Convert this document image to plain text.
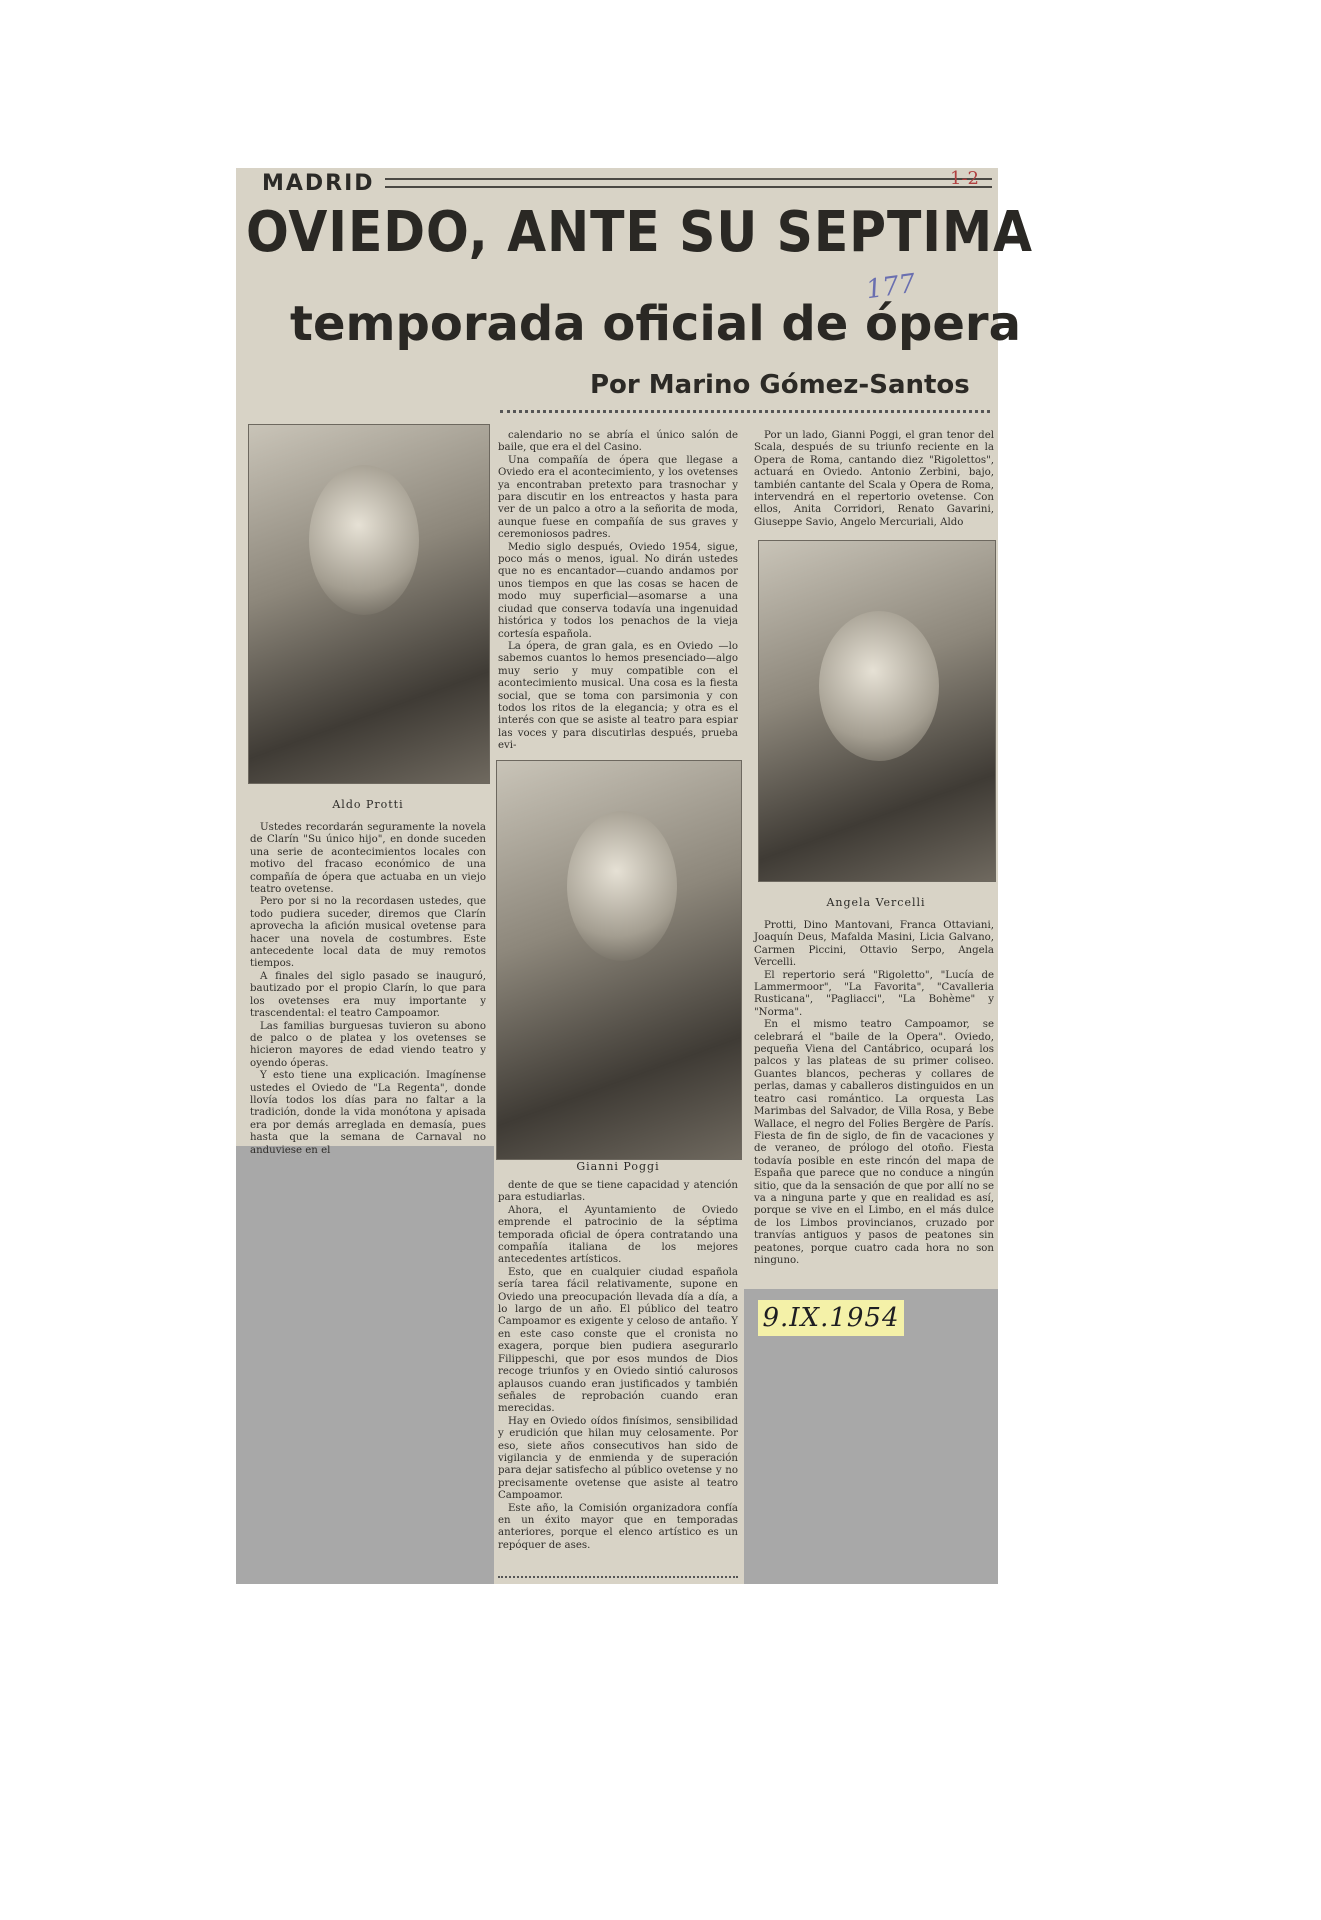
MADRID	1-2
OVIEDO, ANTE SU SEPTIMA
177
temporada oficial de ópera
Por Marino Gómez-Santos
Aldo Protti

Ustedes recordarán seguramente la novela de Clarín "Su único hijo", en donde suceden una serie de acontecimientos locales con motivo del fracaso económico de una compañía de ópera que actuaba en un viejo teatro ovetense.

Pero por si no la recordasen ustedes, que todo pudiera suceder, diremos que Clarín aprovecha la afición musical ovetense para hacer una novela de costumbres. Este antecedente local data de muy remotos tiempos.

A finales del siglo pasado se inauguró, bautizado por el propio Clarín, lo que para los ovetenses era muy importante y trascendental: el teatro Campoamor.

Las familias burguesas tuvieron su abono de palco o de platea y los ovetenses se hicieron mayores de edad viendo teatro y oyendo óperas.

Y esto tiene una explicación. Imagínense ustedes el Oviedo de "La Regenta", donde llovía todos los días para no faltar a la tradición, donde la vida monótona y apisada era por demás arreglada en demasía, pues hasta que la semana de Carnaval no anduviese en el

calendario no se abría el único salón de baile, que era el del Casino.

Una compañía de ópera que llegase a Oviedo era el acontecimiento, y los ovetenses ya encontraban pretexto para trasnochar y para discutir en los entreactos y hasta para ver de un palco a otro a la señorita de moda, aunque fuese en compañía de sus graves y ceremoniosos padres.

Medio siglo después, Oviedo 1954, sigue, poco más o menos, igual. No dirán ustedes que no es encantador—cuando andamos por unos tiempos en que las cosas se hacen de modo muy superficial—asomarse a una ciudad que conserva todavía una ingenuidad histórica y todos los penachos de la vieja cortesía española.

La ópera, de gran gala, es en Oviedo —lo sabemos cuantos lo hemos presenciado—algo muy serio y muy compatible con el acontecimiento musical. Una cosa es la fiesta social, que se toma con parsimonia y con todos los ritos de la elegancia; y otra es el interés con que se asiste al teatro para espiar las voces y para discutirlas después, prueba evi-

Gianni Poggi

dente de que se tiene capacidad y atención para estudiarlas.

Ahora, el Ayuntamiento de Oviedo emprende el patrocinio de la séptima temporada oficial de ópera contratando una compañía italiana de los mejores antecedentes artísticos.

Esto, que en cualquier ciudad española sería tarea fácil relativamente, supone en Oviedo una preocupación llevada día a día, a lo largo de un año. El público del teatro Campoamor es exigente y celoso de antaño. Y en este caso conste que el cronista no exagera, porque bien pudiera asegurarlo Filippeschi, que por esos mundos de Dios recoge triunfos y en Oviedo sintió calurosos aplausos cuando eran justificados y también señales de reprobación cuando eran merecidas.

Hay en Oviedo oídos finísimos, sensibilidad y erudición que hilan muy celosamente. Por eso, siete años consecutivos han sido de vigilancia y de enmienda y de superación para dejar satisfecho al público ovetense y no precisamente ovetense que asiste al teatro Campoamor.

Este año, la Comisión organizadora confía en un éxito mayor que en temporadas anteriores, porque el elenco artístico es un repóquer de ases.

Por un lado, Gianni Poggi, el gran tenor del Scala, después de su triunfo reciente en la Opera de Roma, cantando diez "Rigolettos", actuará en Oviedo. Antonio Zerbini, bajo, también cantante del Scala y Opera de Roma, intervendrá en el repertorio ovetense. Con ellos, Anita Corridori, Renato Gavarini, Giuseppe Savio, Angelo Mercuriali, Aldo

Angela Vercelli

Protti, Dino Mantovani, Franca Ottaviani, Joaquín Deus, Mafalda Masini, Licia Galvano, Carmen Piccini, Ottavio Serpo, Angela Vercelli.

El repertorio será "Rigoletto", "Lucía de Lammermoor", "La Favorita", "Cavalleria Rusticana", "Pagliacci", "La Bohème" y "Norma".

En el mismo teatro Campoamor, se celebrará el "baile de la Opera". Oviedo, pequeña Viena del Cantábrico, ocupará los palcos y las plateas de su primer coliseo. Guantes blancos, pecheras y collares de perlas, damas y caballeros distinguidos en un teatro casi romántico. La orquesta Las Marimbas del Salvador, de Villa Rosa, y Bebe Wallace, el negro del Folies Bergère de París. Fiesta de fin de siglo, de fin de vacaciones y de veraneo, de prólogo del otoño. Fiesta todavía posible en este rincón del mapa de España que parece que no conduce a ningún sitio, que da la sensación de que por allí no se va a ninguna parte y que en realidad es así, porque se vive en el Limbo, en el más dulce de los Limbos provincianos, cruzado por tranvías antiguos y pasos de peatones sin peatones, porque cuatro cada hora no son ninguno.

9.IX.1954
